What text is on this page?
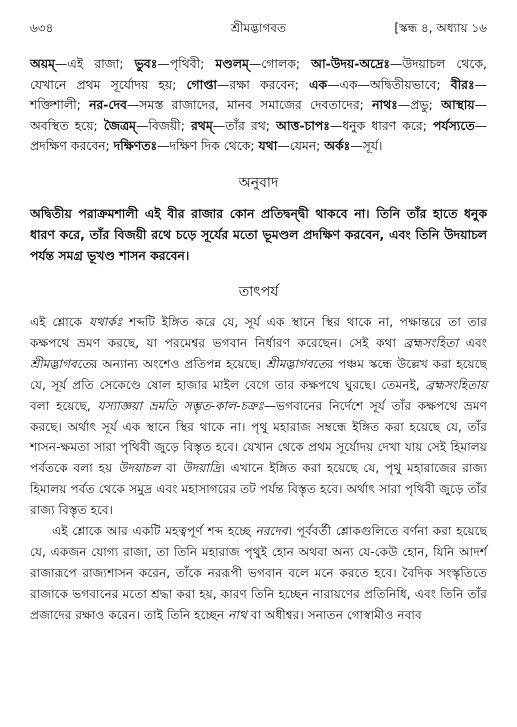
৬৩৪	শ্রীমদ্ভাগবত	[স্কন্ধ ৪, অধ্যায় ১৬
অয়ম্—এই রাজা; ভুবঃ—পৃথিবী; মণ্ডলম্—গোলক; আ-উদয়-অদ্রেঃ—উদয়াচল থেকে, যেখানে প্রথম সূর্যোদয় হয়; গোপ্তা—রক্ষা করবেন; এক—এক—অদ্বিতীয়ভাবে; বীরঃ—শক্তিশালী; নর-দেব—সমস্ত রাজাদের, মানব সমাজের দেবতাদের; নাথঃ—প্রভু; আস্থায়—অবস্থিত হয়ে; জৈত্রম্—বিজয়ী; রথম্—তাঁর রথ; আত্ত-চাপঃ—ধনুক ধারণ করে; পর্যস্যতে—প্রদক্ষিণ করবেন; দক্ষিণতঃ—দক্ষিণ দিক থেকে; যথা—যেমন; অর্কঃ—সূর্য।
অনুবাদ
অদ্বিতীয় পরাক্রমশালী এই বীর রাজার কোন প্রতিদ্বন্দ্বী থাকবে না। তিনি তাঁর হাতে ধনুক ধারণ করে, তাঁর বিজয়ী রথে চড়ে সূর্যের মতো ভূমণ্ডল প্রদক্ষিণ করবেন, এবং তিনি উদয়াচল পর্যন্ত সমগ্র ভূখণ্ড শাসন করবেন।
তাৎপর্য

এই শ্লোকে যথার্কঃ শব্দটি ইঙ্গিত করে যে, সূর্য এক স্থানে স্থির থাকে না, পক্ষান্তরে তা তার কক্ষপথে ভ্রমণ করছে, যা পরমেশ্বর ভগবান নির্ধারণ করেছেন। সেই কথা ব্রহ্মসংহিতা এবং শ্রীমদ্ভাগবতের অন্যান্য অংশেও প্রতিপন্ন হয়েছে। শ্রীমদ্ভাগবতের পঞ্চম স্কন্ধে উল্লেখ করা হয়েছে যে, সূর্য প্রতি সেকেণ্ডে ষোল হাজার মাইল বেগে তার কক্ষপথে ঘুরছে। তেমনই, ব্রহ্মসংহিতায় বলা হয়েছে, যস্যাজ্ঞয়া ভ্রমতি সম্ভৃত-কাল-চক্রঃ—ভগবানের নির্দেশে সূর্য তাঁর কক্ষপথে ভ্রমণ করছে। অর্থাৎ সূর্য এক স্থানে স্থির থাকে না। পৃথু মহারাজ সম্বন্ধে ইঙ্গিত করা হয়েছে যে, তাঁর শাসন-ক্ষমতা সারা পৃথিবী জুড়ে বিস্তৃত হবে। যেখান থেকে প্রথম সূর্যোদয় দেখা যায় সেই হিমালয় পর্বতকে বলা হয় উদয়াচল বা উদয়াদ্রি। এখানে ইঙ্গিত করা হয়েছে যে, পৃথু মহারাজের রাজ্য হিমালয় পর্বত থেকে সমুদ্র এবং মহাসাগরের তট পর্যন্ত বিস্তৃত হবে। অর্থাৎ সারা পৃথিবী জুড়ে তাঁর রাজ্য বিস্তৃত হবে।

এই শ্লোকে আর একটি মহত্বপূর্ণ শব্দ হচ্ছে নরদেব। পূর্ববর্তী শ্লোকগুলিতে বর্ণনা করা হয়েছে যে, একজন যোগ্য রাজা, তা তিনি মহারাজ পৃথুই হোন অথবা অন্য যে-কেউ হোন, যিনি আদর্শ রাজারূপে রাজ্যশাসন করেন, তাঁকে নররূপী ভগবান বলে মনে করতে হবে। বৈদিক সংস্কৃতিতে রাজাকে ভগবানের মতো শ্রদ্ধা করা হয়, কারণ তিনি হচ্ছেন নারায়ণের প্রতিনিধি, এবং তিনি তাঁর প্রজাদের রক্ষাও করেন। তাই তিনি হচ্ছেন নাথ বা অধীশ্বর। সনাতন গোস্বামীও নবাব
